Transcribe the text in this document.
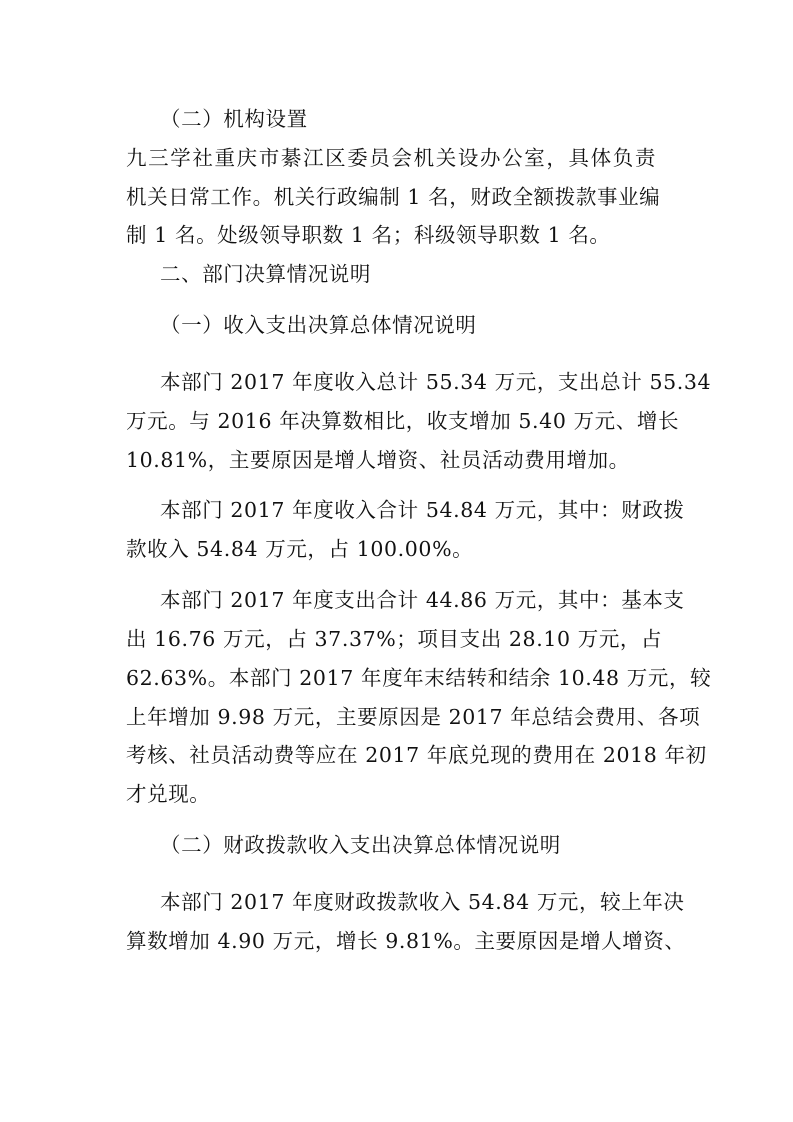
（二）机构设置
九三学社重庆市綦江区委员会机关设办公室，具体负责
机关日常工作。机关行政编制 1 名，财政全额拨款事业编
制 1 名。处级领导职数 1 名；科级领导职数 1 名。
二、部门决算情况说明
（一）收入支出决算总体情况说明
本部门 2017 年度收入总计 55.34 万元，支出总计 55.34
万元。与 2016 年决算数相比，收支增加 5.40 万元、增长
10.81%，主要原因是增人增资、社员活动费用增加。
本部门 2017 年度收入合计 54.84 万元，其中：财政拨
款收入 54.84 万元，占 100.00%。
本部门 2017 年度支出合计 44.86 万元，其中：基本支
出 16.76 万元，占 37.37%；项目支出 28.10 万元，占
62.63%。本部门 2017 年度年末结转和结余 10.48 万元，较
上年增加 9.98 万元，主要原因是 2017 年总结会费用、各项
考核、社员活动费等应在 2017 年底兑现的费用在 2018 年初
才兑现。
（二）财政拨款收入支出决算总体情况说明
本部门 2017 年度财政拨款收入 54.84 万元，较上年决
算数增加 4.90 万元，增长 9.81%。主要原因是增人增资、
